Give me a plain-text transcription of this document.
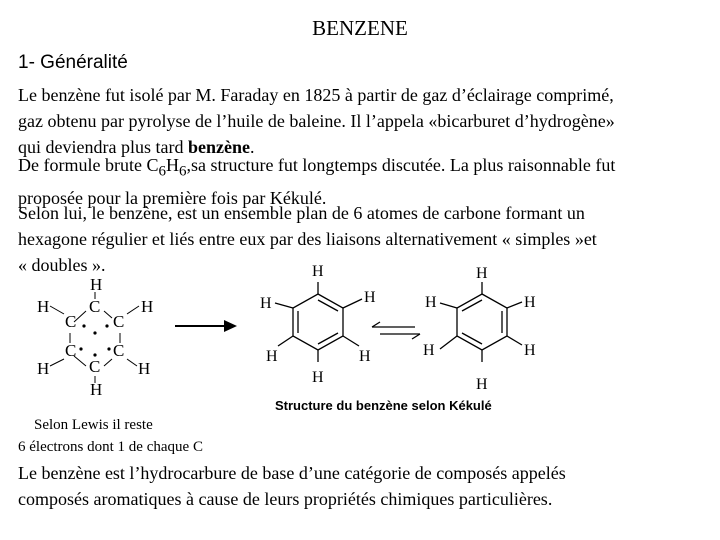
BENZENE
1- Généralité
Le benzène fut isolé par M. Faraday en 1825 à partir de gaz d’éclairage comprimé,
gaz obtenu par pyrolyse de l’huile de baleine. Il l’appela «bicarburet d’hydrogène»
qui deviendra plus tard benzène.
De formule brute $C_6H_6,sa$ structure fut longtemps discutée. La plus raisonnable fut
proposée pour la première fois par Kékulé.
Selon lui, le benzène, est un ensemble plan de 6 atomes de carbone formant un
hexagone régulier et liés entre eux par des liaisons alternativement « simples »et
« doubles ».
C
C
C
C
C
C
H
H
H
H
H
H
H
H
H
H
H
H
H
H
H
H
H
H
Structure du benzène selon Kékulé
Selon Lewis il reste
6 électrons dont 1 de chaque C
Le benzène est l’hydrocarbure de base d’une catégorie de composés appelés
composés aromatiques à cause de leurs propriétés chimiques particulières.
